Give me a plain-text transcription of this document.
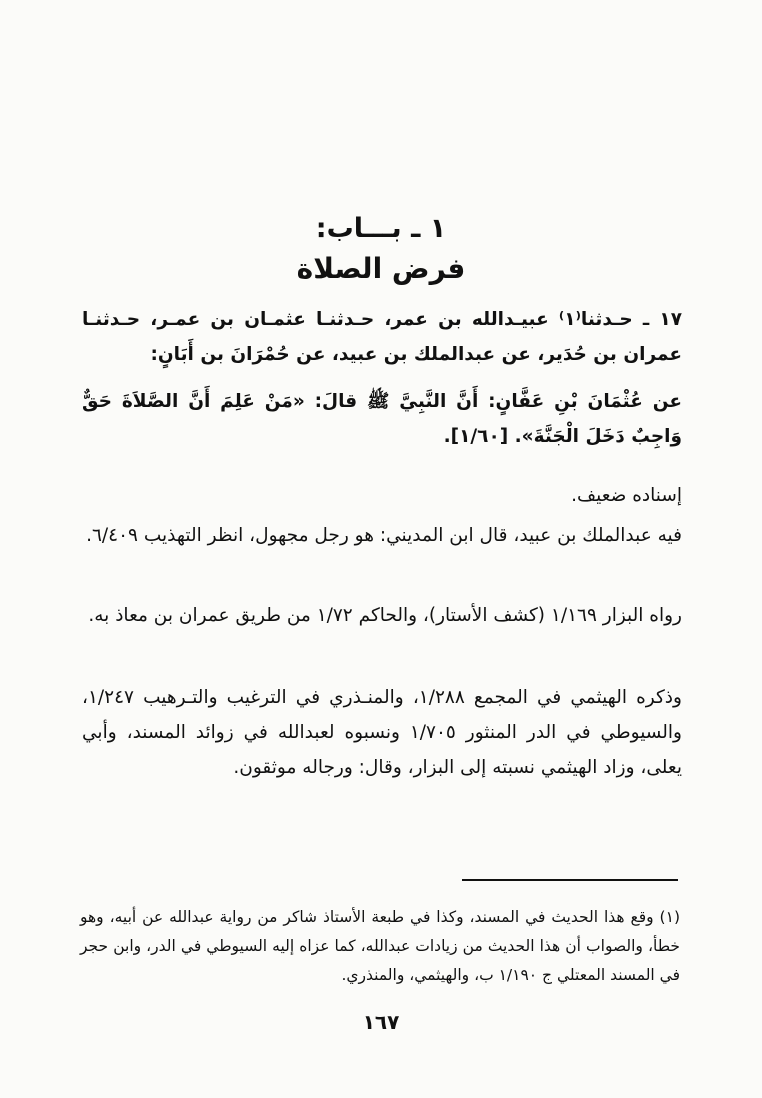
١ ـ بـــاب:
فرض الصلاة
١٧ ـ حـدثنا⁽١⁾ عبيـدالله بن عمر، حـدثنـا عثمـان بن عمـر، حـدثنـا عمران بن حُدَير، عن عبدالملك بن عبيد، عن حُمْرَانَ بن أَبَانٍ:
عن عُثْمَانَ بْنِ عَفَّانٍ: أَنَّ النَّبِيَّ ﷺ قالَ: «مَنْ عَلِمَ أَنَّ الصَّلاَةَ حَقٌّ وَاجِبٌ دَخَلَ الْجَنَّةَ». [١/٦٠].
إسناده ضعيف.
فيه عبدالملك بن عبيد، قال ابن المديني: هو رجل مجهول، انظر التهذيب ٦/٤٠٩.
رواه البزار ١/١٦٩ (كشف الأستار)، والحاكم ١/٧٢ من طريق عمران بن معاذ به.
وذكره الهيثمي في المجمع ١/٢٨٨، والمنـذري في الترغيب والتـرهيب ١/٢٤٧، والسيوطي في الدر المنثور ١/٧٠٥ ونسبوه لعبدالله في زوائد المسند، وأبي يعلى، وزاد الهيثمي نسبته إلى البزار، وقال: ورجاله موثقون.
(١) وقع هذا الحديث في المسند، وكذا في طبعة الأستاذ شاكر من رواية عبدالله عن أبيه، وهو خطأ، والصواب أن هذا الحديث من زيادات عبدالله، كما عزاه إليه السيوطي في الدر، وابن حجر في المسند المعتلي ج ١/١٩٠ ب، والهيثمي، والمنذري.
١٦٧
